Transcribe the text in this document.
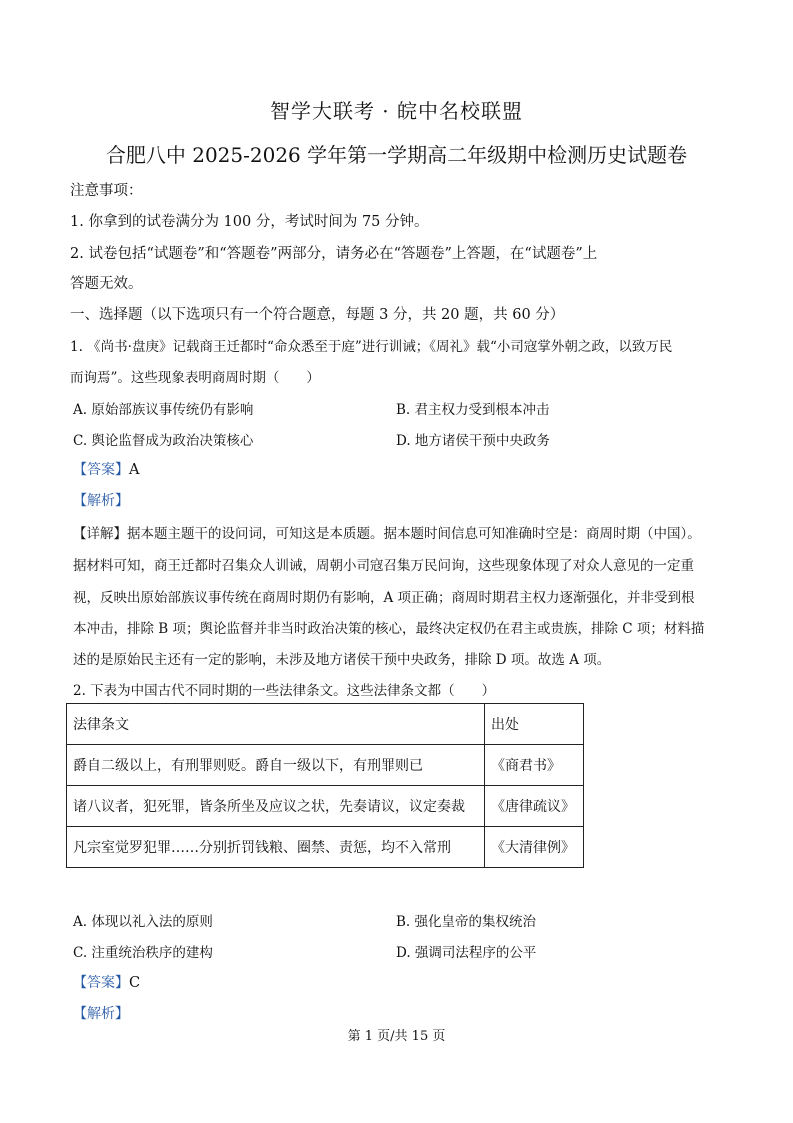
智学大联考 · 皖中名校联盟
合肥八中 2025-2026 学年第一学期高二年级期中检测历史试题卷
注意事项：
1. 你拿到的试卷满分为 100 分，考试时间为 75 分钟。
2. 试卷包括“试题卷”和“答题卷”两部分，请务必在“答题卷”上答题，在“试题卷”上
答题无效。
一、选择题（以下选项只有一个符合题意，每题 3 分，共 20 题，共 60 分）
1. 《尚书·盘庚》记载商王迁都时“命众悉至于庭”进行训诫；《周礼》载“小司寇掌外朝之政，以致万民
而询焉”。这些现象表明商周时期（　　）
A. 原始部族议事传统仍有影响	B. 君主权力受到根本冲击
C. 舆论监督成为政治决策核心	D. 地方诸侯干预中央政务
【答案】A
【解析】
【详解】据本题主题干的设问词，可知这是本质题。据本题时间信息可知准确时空是：商周时期（中国）。
据材料可知，商王迁都时召集众人训诫，周朝小司寇召集万民问询，这些现象体现了对众人意见的一定重
视，反映出原始部族议事传统在商周时期仍有影响，A 项正确；商周时期君主权力逐渐强化，并非受到根
本冲击，排除 B 项；舆论监督并非当时政治决策的核心，最终决定权仍在君主或贵族，排除 C 项；材料描
述的是原始民主还有一定的影响，未涉及地方诸侯干预中央政务，排除 D 项。故选 A 项。
2. 下表为中国古代不同时期的一些法律条文。这些法律条文都（　　）
法律条文	出处
爵自二级以上，有刑罪则贬。爵自一级以下，有刑罪则已	《商君书》
诸八议者，犯死罪，皆条所坐及应议之状，先奏请议，议定奏裁	《唐律疏议》
凡宗室觉罗犯罪……分别折罚钱粮、圈禁、责惩，均不入常刑	《大清律例》
A. 体现以礼入法的原则	B. 强化皇帝的集权统治
C. 注重统治秩序的建构	D. 强调司法程序的公平
【答案】C
【解析】
第 1 页/共 15 页
